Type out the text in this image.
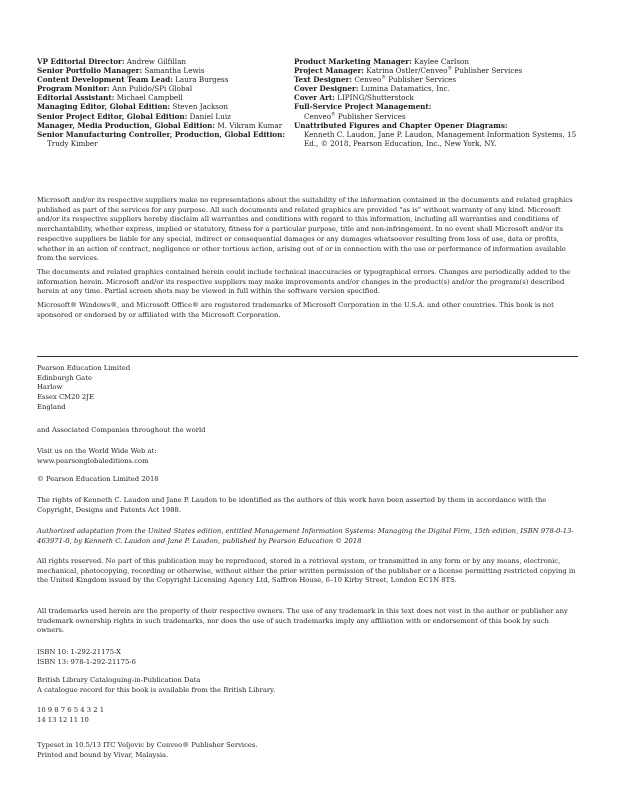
VP Editorial Director: Andrew Gilfillan
Senior Portfolio Manager: Samantha Lewis
Content Development Team Lead: Laura Burgess
Program Monitor: Ann Pulido/SPi Global
Editorial Assistant: Michael Campbell
Managing Editor, Global Edition: Steven Jackson
Senior Project Editor, Global Edition: Daniel Luiz
Manager, Media Production, Global Edition: M. Vikram Kumar
Senior Manufacturing Controller, Production, Global Edition: Trudy Kimber
Product Marketing Manager: Kaylee Carlson
Project Manager: Katrina Ostler/Cenveo® Publisher Services
Text Designer: Cenveo® Publisher Services
Cover Designer: Lumina Datamatics, Inc.
Cover Art: LIPING/Shutterstock
Full-Service Project Management:
Cenveo® Publisher Services
Unattributed Figures and Chapter Opener Diagrams:
Kenneth C. Laudon, Jane P. Laudon, Management Information Systems, 15 Ed., © 2018, Pearson Education, Inc., New York, NY.

Microsoft and/or its respective suppliers make no representations about the suitability of the information contained in the documents and related graphics published as part of the services for any purpose. All such documents and related graphics are provided "as is" without warranty of any kind. Microsoft and/or its respective suppliers hereby disclaim all warranties and conditions with regard to this information, including all warranties and conditions of merchantability, whether express, implied or statutory, fitness for a particular purpose, title and non-infringement. In no event shall Microsoft and/or its respective suppliers be liable for any special, indirect or consequential damages or any damages whatsoever resulting from loss of use, data or profits, whether in an action of contract, negligence or other tortious action, arising out of or in connection with the use or performance of information available from the services.

The documents and related graphics contained herein could include technical inaccuracies or typographical errors. Changes are periodically added to the information herein. Microsoft and/or its respective suppliers may make improvements and/or changes in the product(s) and/or the program(s) described herein at any time. Partial screen shots may be viewed in full within the software version specified.

Microsoft® Windows®, and Microsoft Office® are registered trademarks of Microsoft Corporation in the U.S.A. and other countries. This book is not sponsored or endorsed by or affiliated with the Microsoft Corporation.

Pearson Education Limited
Edinburgh Gate
Harlow
Essex CM20 2JE
England
and Associated Companies throughout the world
Visit us on the World Wide Web at:
www.pearsonglobaleditions.com
© Pearson Education Limited 2018
The rights of Kenneth C. Laudon and Jane P. Laudon to be identified as the authors of this work have been asserted by them in accordance with the Copyright, Designs and Patents Act 1988.
Authorized adaptation from the United States edition, entitled Management Information Systems: Managing the Digital Firm, 15th edition, ISBN 978-0-13-463971-0, by Kenneth C. Laudon and Jane P. Laudon, published by Pearson Education © 2018
All rights reserved. No part of this publication may be reproduced, stored in a retrieval system, or transmitted in any form or by any means, electronic, mechanical, photocopying, recording or otherwise, without either the prior written permission of the publisher or a license permitting restricted copying in the United Kingdom issued by the Copyright Licensing Agency Ltd, Saffron House, 6–10 Kirby Street, London EC1N 8TS.
All trademarks used herein are the property of their respective owners. The use of any trademark in this text does not vest in the author or publisher any trademark ownership rights in such trademarks, nor does the use of such trademarks imply any affiliation with or endorsement of this book by such owners.
ISBN 10: 1-292-21175-X
ISBN 13: 978-1-292-21175-6
British Library Cataloguing-in-Publication Data
A catalogue record for this book is available from the British Library.
10 9 8 7 6 5 4 3 2 1
14 13 12 11 10
Typeset in 10.5/13 ITC Veljovic by Cenveo® Publisher Services.
Printed and bound by Vivar, Malaysia.
